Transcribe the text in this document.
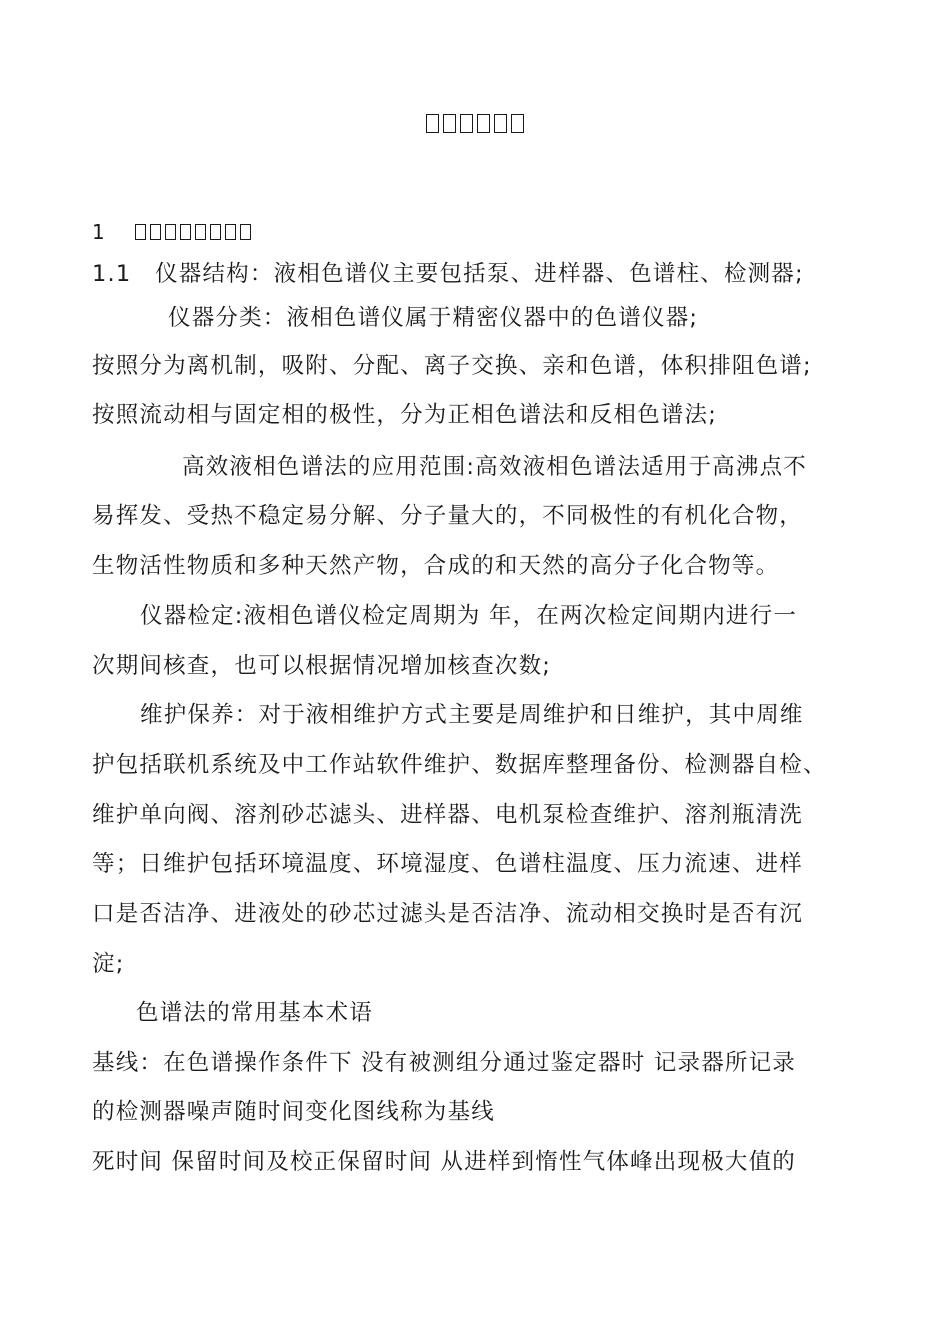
1
1.1　仪器结构：液相色谱仪主要包括泵、进样器、色谱柱、检测器;
仪器分类：液相色谱仪属于精密仪器中的色谱仪器;
按照分为离机制，吸附、分配、离子交换、亲和色谱，体积排阻色谱;
按照流动相与固定相的极性，分为正相色谱法和反相色谱法;
高效液相色谱法的应用范围:高效液相色谱法适用于高沸点不
易挥发、受热不稳定易分解、分子量大的，不同极性的有机化合物，
生物活性物质和多种天然产物，合成的和天然的高分子化合物等。
仪器检定:液相色谱仪检定周期为 年，在两次检定间期内进行一
次期间核查，也可以根据情况增加核查次数;
维护保养：对于液相维护方式主要是周维护和日维护，其中周维
护包括联机系统及中工作站软件维护、数据库整理备份、检测器自检、
维护单向阀、溶剂砂芯滤头、进样器、电机泵检查维护、溶剂瓶清洗
等；日维护包括环境温度、环境湿度、色谱柱温度、压力流速、进样
口是否洁净、进液处的砂芯过滤头是否洁净、流动相交换时是否有沉
淀;
色谱法的常用基本术语
基线：在色谱操作条件下 没有被测组分通过鉴定器时 记录器所记录
的检测器噪声随时间变化图线称为基线
死时间 保留时间及校正保留时间 从进样到惰性气体峰出现极大值的
